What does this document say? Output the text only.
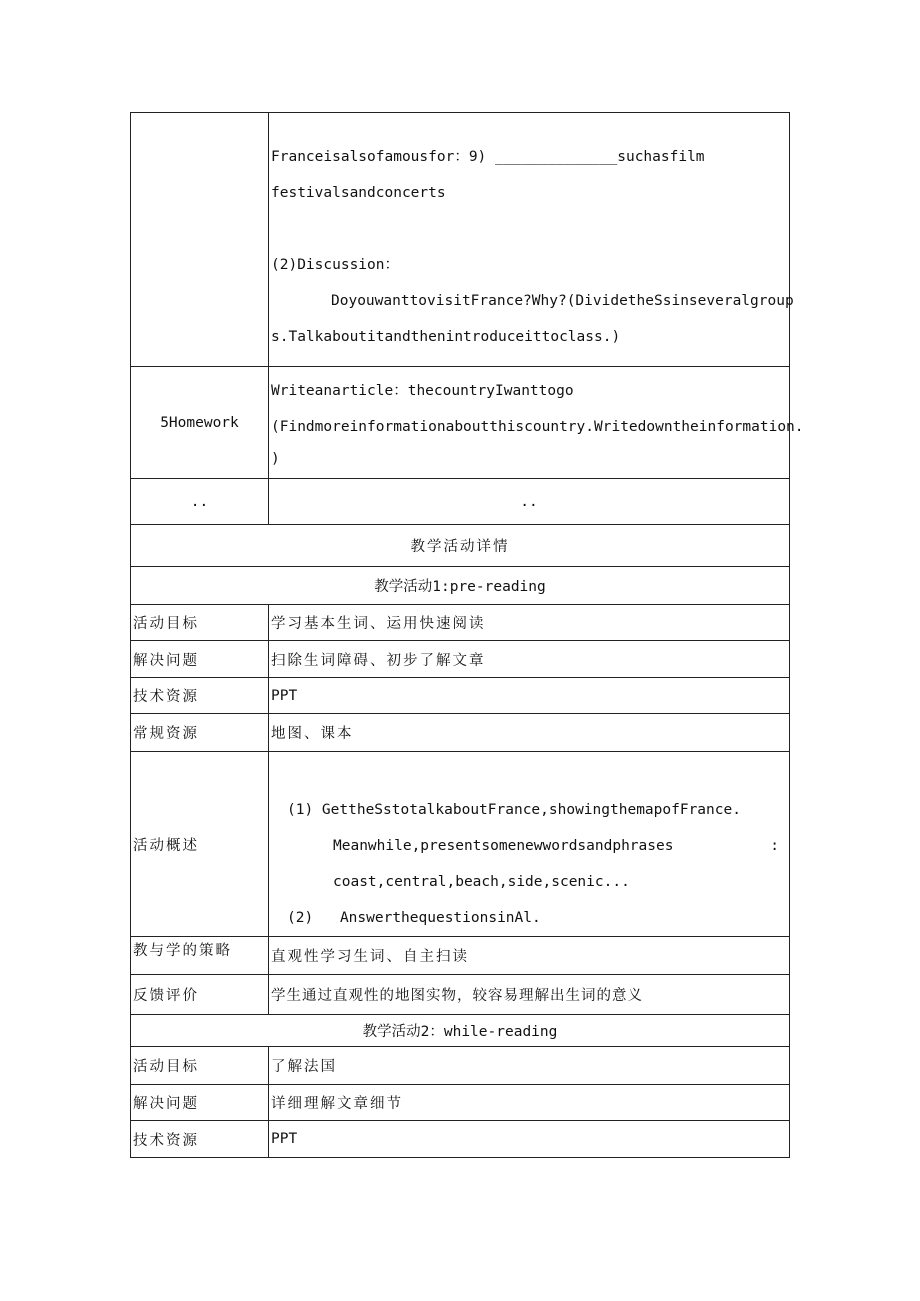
	Franceisalsofamousfor：9) ______________suchasfilm
festivalsandconcerts
(2)Discussion：
DoyouwanttovisitFrance?Why?(DividetheSsinseveralgroup
s.Talkaboutitandthenintroduceittoclass.)

5Homework	Writeanarticle：thecountryIwanttogo
(Findmoreinformationaboutthiscountry.Writedowntheinformation.
)

..	..
教学活动详情	
教学活动1:pre-reading	
活动目标	学习基本生词、运用快速阅读
解决问题	扫除生词障碍、初步了解文章
技术资源	PPT
常规资源	地图、课本
活动概述	(1) GettheSstotalkaboutFrance,showingthemapofFrance.
Meanwhile,presentsomenewwordsandphrases :
coast,central,beach,side,scenic...
(2) AnswerthequestionsinAl.

教与学的策略	直观性学习生词、自主扫读
反馈评价	学生通过直观性的地图实物，较容易理解出生词的意义
教学活动2：while-reading	
活动目标	了解法国
解决问题	详细理解文章细节
技术资源	PPT
